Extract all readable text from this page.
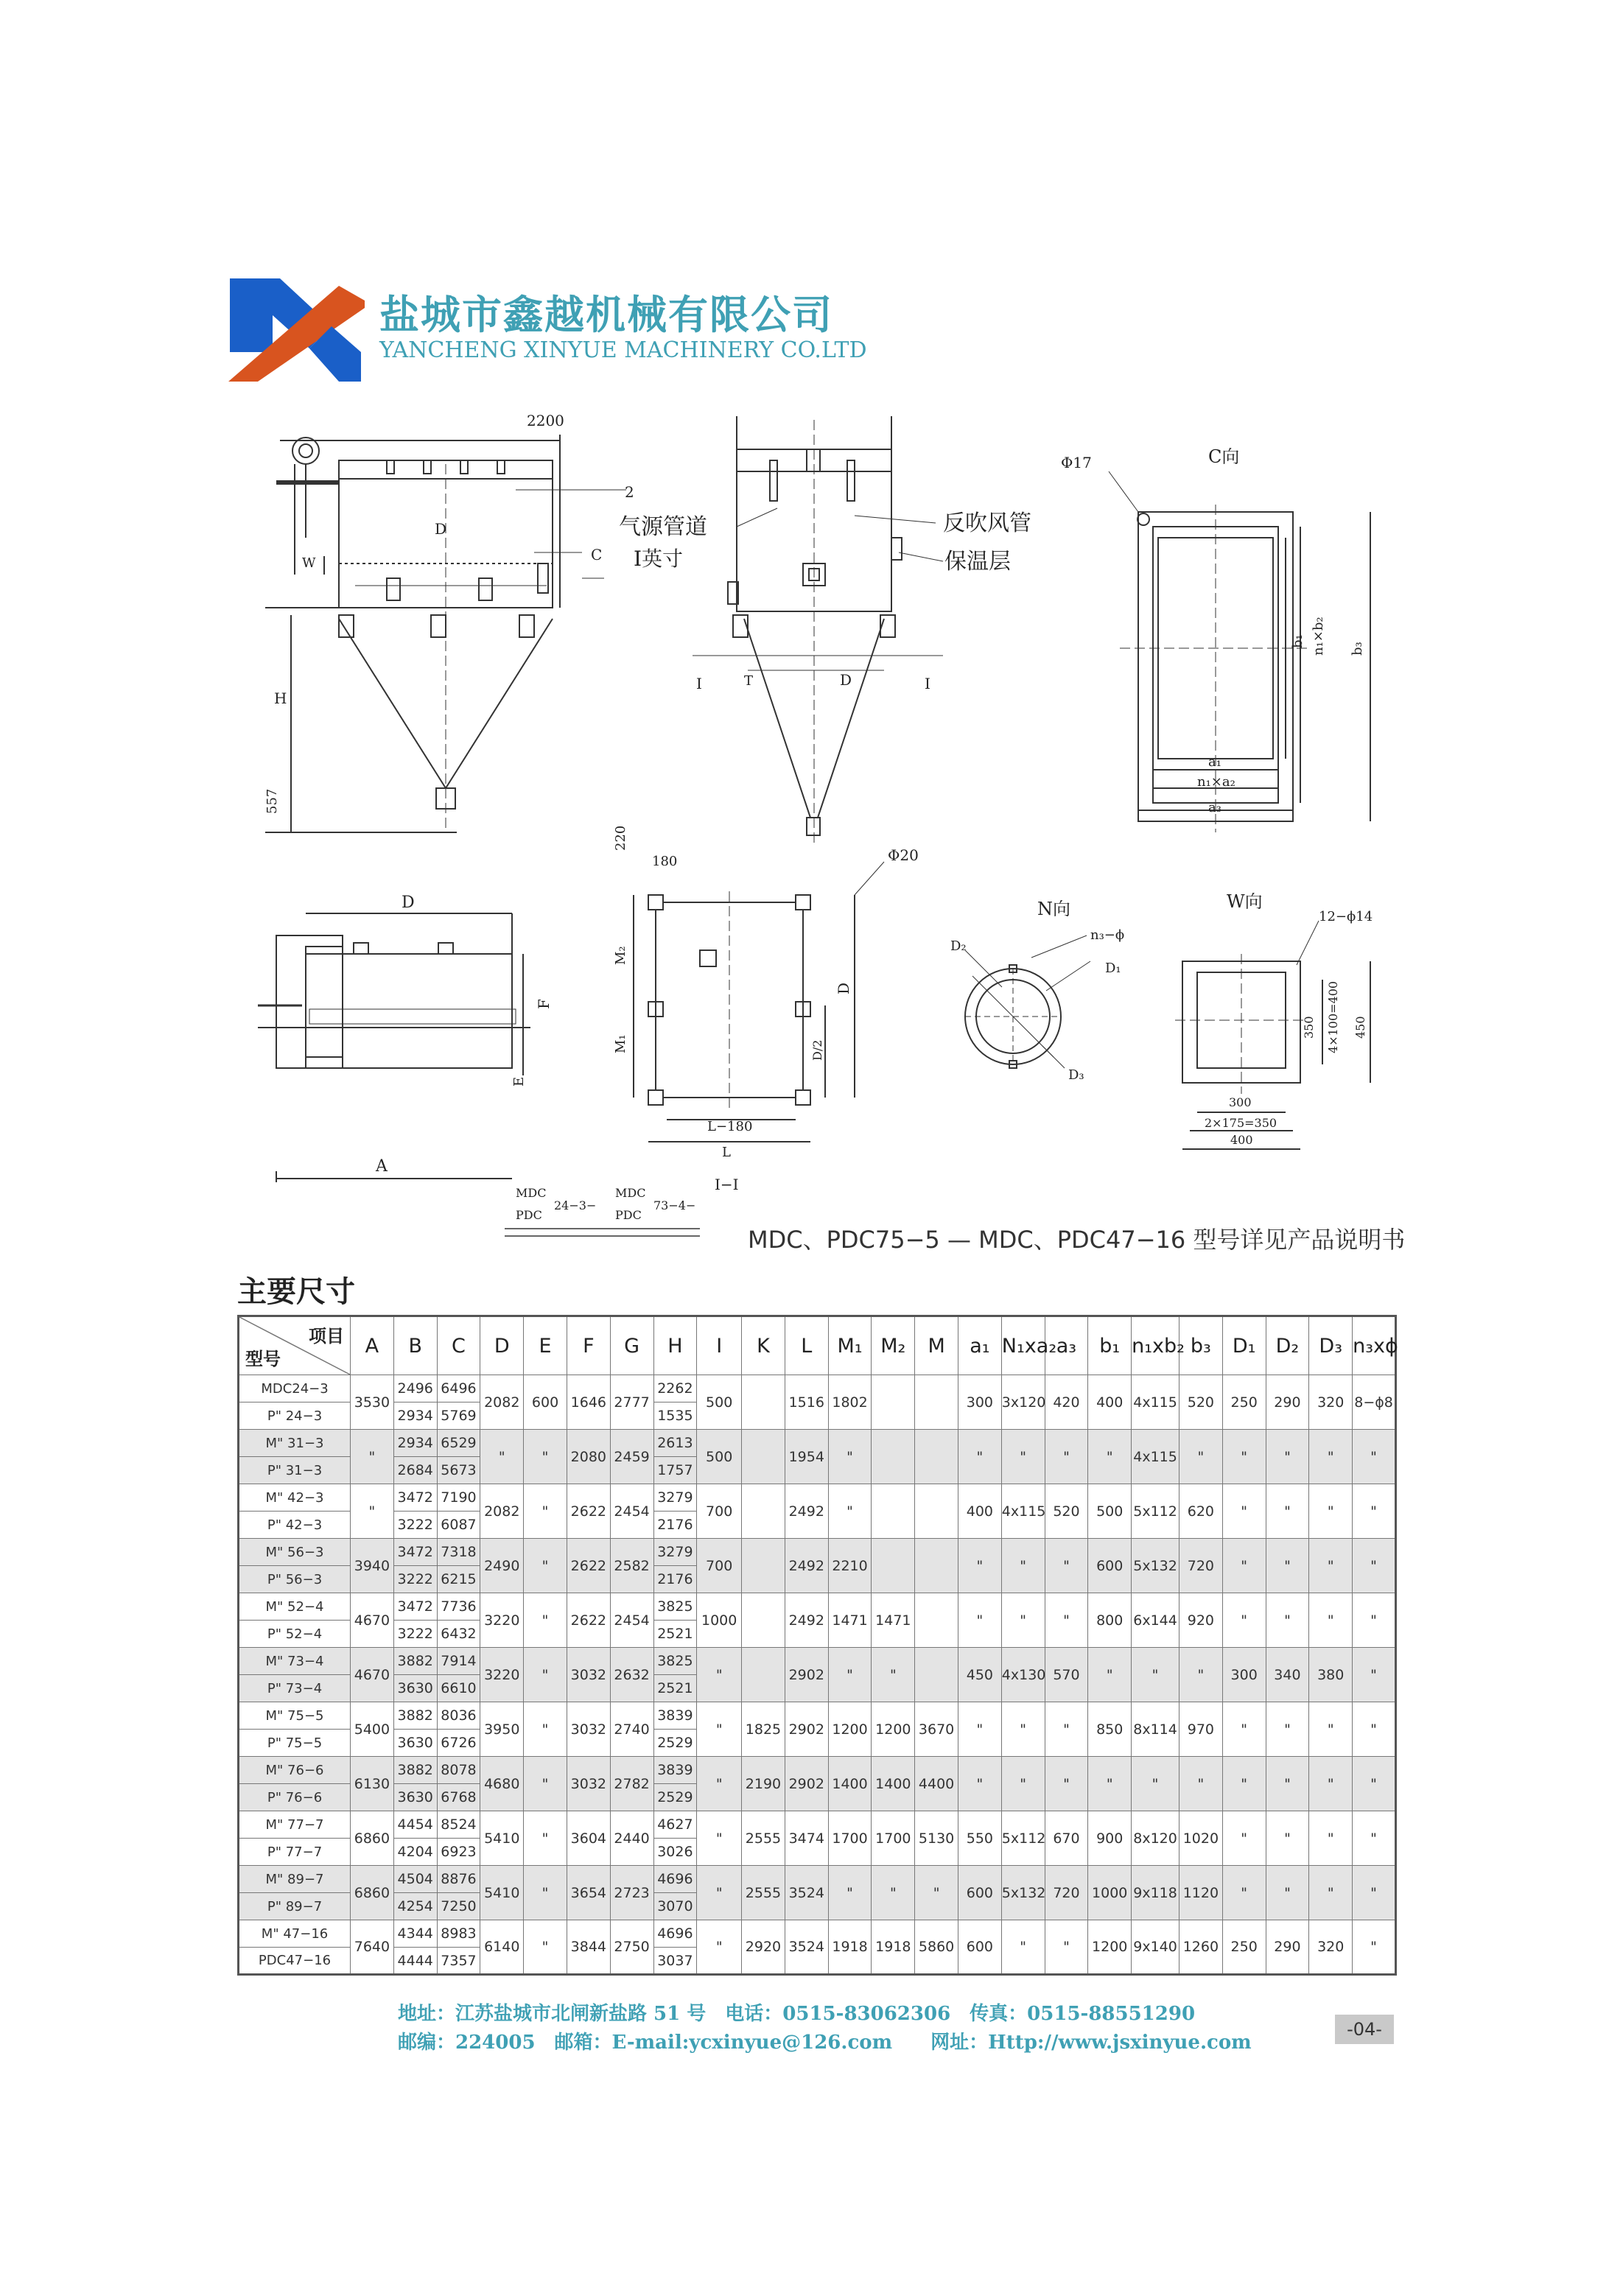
盐城市鑫越机械有限公司
YANCHENG XINYUE MACHINERY CO.LTD
2200
2
D
C
W
H
557
气源管道
I英寸
I	I
T	D
反吹风管
保温层
C向
Φ17
b₁ n₁×b₂ b₃
a₁
n₁×a₂
a₃
D
F
E
A
220
180
M₂
M₁
L−180
L
D
D/2
Φ20
I−I
N向
D₂
n₃−ϕ
D₁
D₃
W向
12−ϕ14
350 4×100=400 450
300
2×175=350
400
MDC
PDC
24−3−
MDC
PDC
73−4−
MDC、PDC75−5 — MDC、PDC47−16 型号详见产品说明书
主要尺寸
项目
型号	A	B	C	D	E	F	G	H	I	K	L	M₁	M₂	M	a₁	N₁xa₂	a₃	b₁	n₁xb₂	b₃	D₁	D₂	D₃	n₃xϕ
MDC24−3	3530	2496	6496	2082	600	1646	2777	2262	500		1516	1802			300	3x120	420	400	4x115	520	250	290	320	8−ϕ8
P" 24−3		2934	5769					1535																
M" 31−3	"	2934	6529	"	"	2080	2459	2613	500		1954	"			"	"	"	"	4x115	"	"	"	"	"
P" 31−3		2684	5673					1757																
M" 42−3	"	3472	7190	2082	"	2622	2454	3279	700		2492	"			400	4x115	520	500	5x112	620	"	"	"	"
P" 42−3		3222	6087					2176																
M" 56−3	3940	3472	7318	2490	"	2622	2582	3279	700		2492	2210			"	"	"	600	5x132	720	"	"	"	"
P" 56−3		3222	6215					2176																
M" 52−4	4670	3472	7736	3220	"	2622	2454	3825	1000		2492	1471	1471		"	"	"	800	6x144	920	"	"	"	"
P" 52−4		3222	6432					2521																
M" 73−4	4670	3882	7914	3220	"	3032	2632	3825	"		2902	"	"		450	4x130	570	"	"	"	300	340	380	"
P" 73−4		3630	6610					2521																
M" 75−5	5400	3882	8036	3950	"	3032	2740	3839	"	1825	2902	1200	1200	3670	"	"	"	850	8x114	970	"	"	"	"
P" 75−5		3630	6726					2529																
M" 76−6	6130	3882	8078	4680	"	3032	2782	3839	"	2190	2902	1400	1400	4400	"	"	"	"	"	"	"	"	"	"
P" 76−6		3630	6768					2529																
M" 77−7	6860	4454	8524	5410	"	3604	2440	4627	"	2555	3474	1700	1700	5130	550	5x112	670	900	8x120	1020	"	"	"	"
P" 77−7		4204	6923					3026																
M" 89−7	6860	4504	8876	5410	"	3654	2723	4696	"	2555	3524	"	"	"	600	5x132	720	1000	9x118	1120	"	"	"	"
P" 89−7		4254	7250					3070																
M" 47−16	7640	4344	8983	6140	"	3844	2750	4696	"	2920	3524	1918	1918	5860	600	"	"	1200	9x140	1260	250	290	320	"
PDC47−16		4444	7357					3037																
地址：江苏盐城市北闸新盐路 51 号　电话：0515-83062306　传真：0515-88551290
邮编：224005　邮箱：E-mail:ycxinyue@126.com　　网址：Http://www.jsxinyue.com
-04-
